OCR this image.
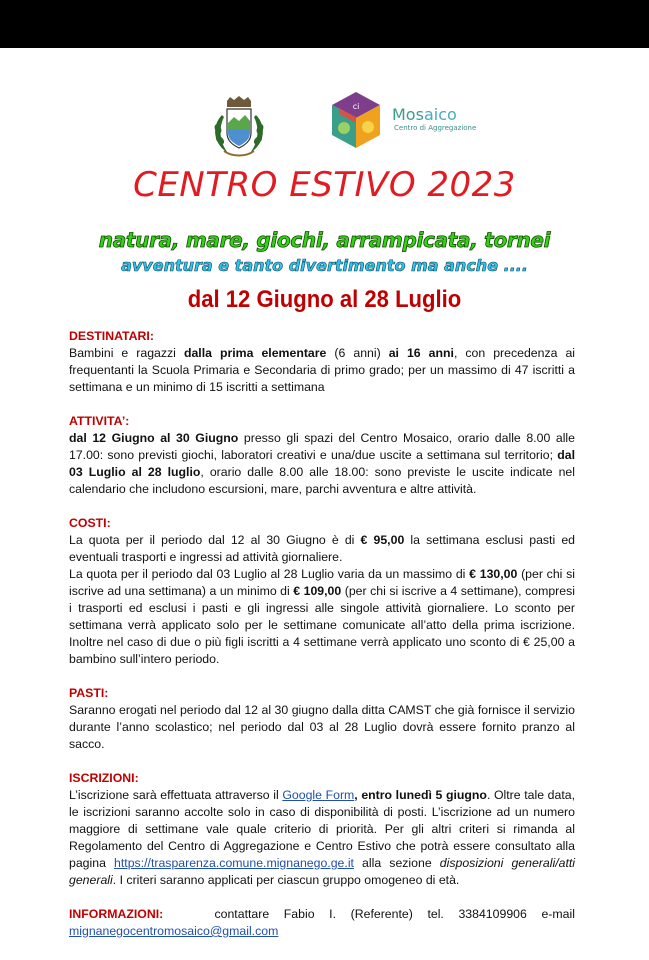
ci Mosaico
Centro di Aggregazione
CENTRO ESTIVO 2023
natura, mare, giochi, arrampicata, tornei
avventura e tanto divertimento ma anche ....
dal 12 Giugno al 28 Luglio
DESTINATARI:

Bambini e ragazzi dalla prima elementare (6 anni) ai 16 anni, con precedenza ai frequentanti la Scuola Primaria e Secondaria di primo grado; per un massimo di 47 iscritti a settimana e un minimo di 15 iscritti a settimana

ATTIVITA’:

dal 12 Giugno al 30 Giugno presso gli spazi del Centro Mosaico, orario dalle 8.00 alle 17.00: sono previsti giochi, laboratori creativi e una/due uscite a settimana sul territorio; dal 03 Luglio al 28 luglio, orario dalle 8.00 alle 18.00: sono previste le uscite indicate nel calendario che includono escursioni, mare, parchi avventura e altre attività.

COSTI:

La quota per il periodo dal 12 al 30 Giugno è di € 95,00 la settimana esclusi pasti ed eventuali trasporti e ingressi ad attività giornaliere.

La quota per il periodo dal 03 Luglio al 28 Luglio varia da un massimo di € 130,00 (per chi si iscrive ad una settimana) a un minimo di € 109,00 (per chi si iscrive a 4 settimane), compresi i trasporti ed esclusi i pasti e gli ingressi alle singole attività giornaliere. Lo sconto per settimana verrà applicato solo per le settimane comunicate all’atto della prima iscrizione. Inoltre nel caso di due o più figli iscritti a 4 settimane verrà applicato uno sconto di € 25,00 a bambino sull’intero periodo.

PASTI:

Saranno erogati nel periodo dal 12 al 30 giugno dalla ditta CAMST che già fornisce il servizio durante l’anno scolastico; nel periodo dal 03 al 28 Luglio dovrà essere fornito pranzo al sacco.

ISCRIZIONI:

L’iscrizione sarà effettuata attraverso il Google Form, entro lunedì 5 giugno. Oltre tale data, le iscrizioni saranno accolte solo in caso di disponibilità di posti. L’iscrizione ad un numero maggiore di settimane vale quale criterio di priorità. Per gli altri criteri si rimanda al Regolamento del Centro di Aggregazione e Centro Estivo che potrà essere consultato alla pagina https://trasparenza.comune.mignanego.ge.it alla sezione disposizioni generali/atti generali. I criteri saranno applicati per ciascun gruppo omogeneo di età.

INFORMAZIONI:	contattare Fabio I. (Referente) tel. 3384109906 e-mail
mignanegocentromosaico@gmail.com
